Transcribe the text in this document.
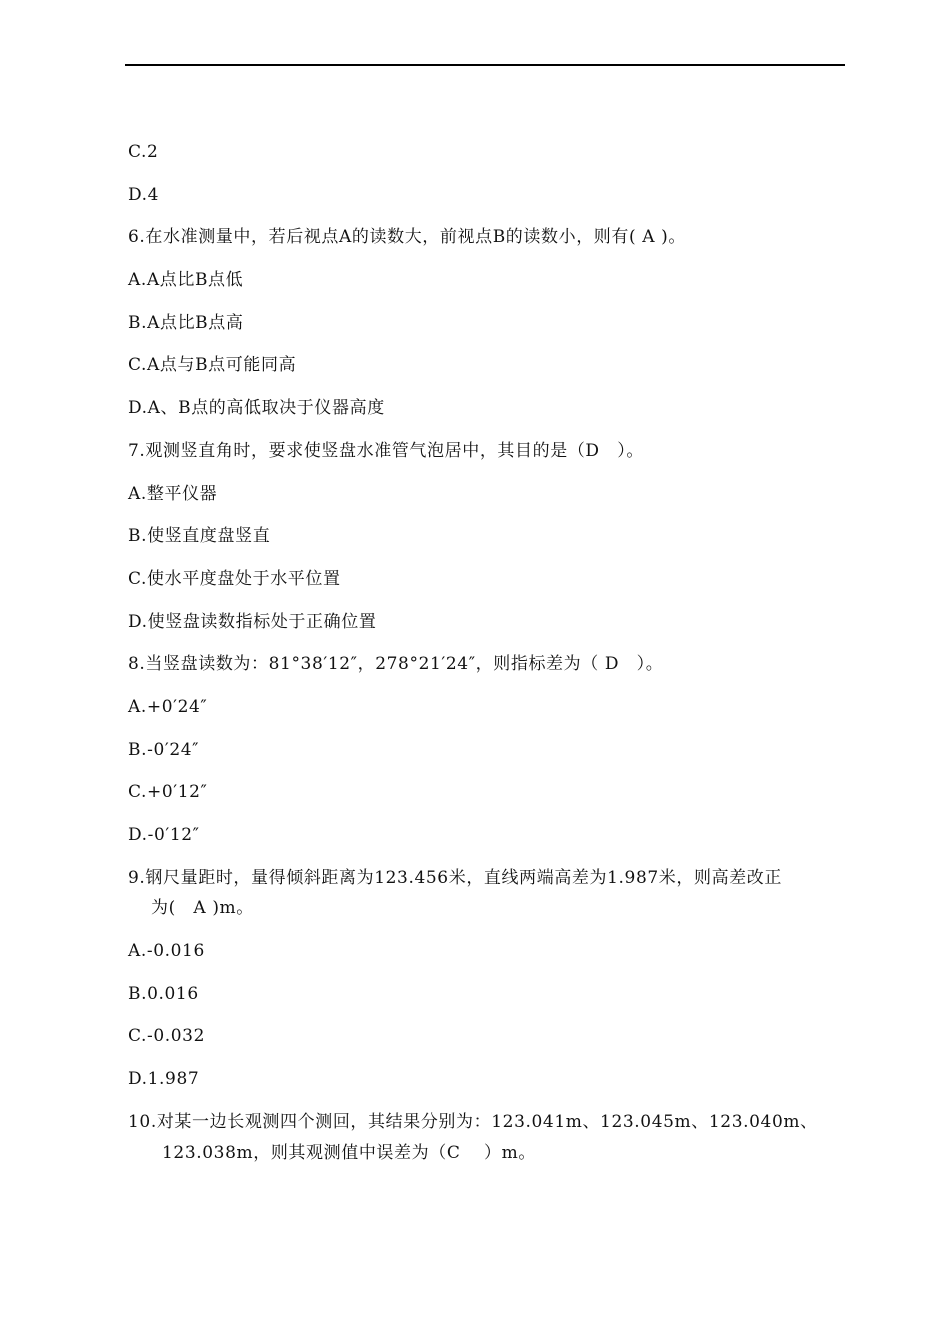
C.2
D.4
6.在水准测量中，若后视点A的读数大，前视点B的读数小，则有( A )。
A.A点比B点低
B.A点比B点高
C.A点与B点可能同高
D.A、B点的高低取决于仪器高度
7.观测竖直角时，要求使竖盘水准管气泡居中，其目的是（D　）。
A.整平仪器
B.使竖直度盘竖直
C.使水平度盘处于水平位置
D.使竖盘读数指标处于正确位置
8.当竖盘读数为：81°38′12″，278°21′24″，则指标差为（ D　）。
A.+0′24″
B.-0′24″
C.+0′12″
D.-0′12″
9.钢尺量距时，量得倾斜距离为123.456米，直线两端高差为1.987米，则高差改正
为(　A )m。
A.-0.016
B.0.016
C.-0.032
D.1.987
10.对某一边长观测四个测回，其结果分别为：123.041m、123.045m、123.040m、
123.038m，则其观测值中误差为（C　 ）m。
